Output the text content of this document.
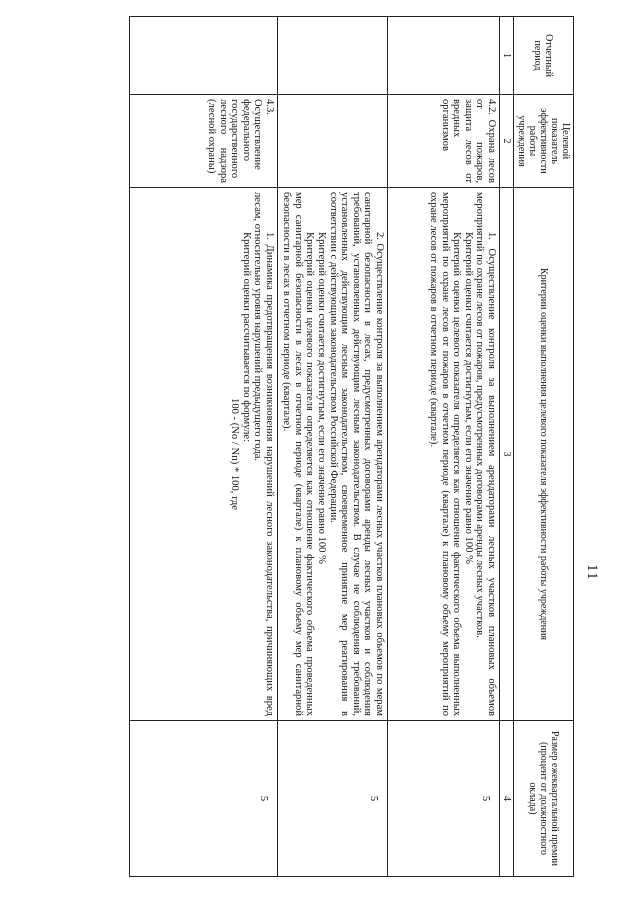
11
Отчетный период	Целевой показатель эффективности работы учреждения	Критерии оценки выполнения целевого показателя эффективности работы учреждения	Размер ежеквартальной премии (процент от должностного оклада)
1	2	3	4
	4.2. Охрана лесов от пожаров, защита лесов от вредных организмов	1. Осуществление контроля за выполнением арендаторами лесных участков плановых объемов мероприятий по охране лесов от пожаров, предусмотренных договорами аренды лесных участков.

Критерий оценки считается достигнутым, если его значение равно 100 %

Критерий оценки целевого показателя определяется как отношение фактического объема выполненных мероприятий по охране лесов от пожаров в отчетном периоде (квартале) к плановому объему мероприятий по охране лесов от пожаров в отчетном периоде (квартале).	5

		2. Осуществление контроля за выполнением арендаторами лесных участков плановых объемов по мерам санитарной безопасности в лесах, предусмотренных договорами аренды лесных участков и соблюдения требований, установленных действующим лесным законодательством. В случае не соблюдения требований, установленных действующим лесным законодательством, своевременное принятие мер реагирования в соответствии с действующим законодательством Российской Федерации.

Критерий оценки считается достигнутым, если его значение равно 100 %

Критерий оценки целевого показателя определяется как отношение фактического объема проведенных мер санитарной безопасности в лесах в отчетном периоде (квартале) к плановому объему мер санитарной безопасности в лесах в отчетном периоде (квартале).	5
	4.3. Осуществление федерального государственного лесного надзора (лесной охраны)	1. Динамика предотвращения возникновения нарушений лесного законодательства, причиняющих вред лесам, относительно уровня нарушений предыдущего года.

Критерий оценки рассчитывается по формуле:

100 - (Nо / Nп) * 100, где	5
